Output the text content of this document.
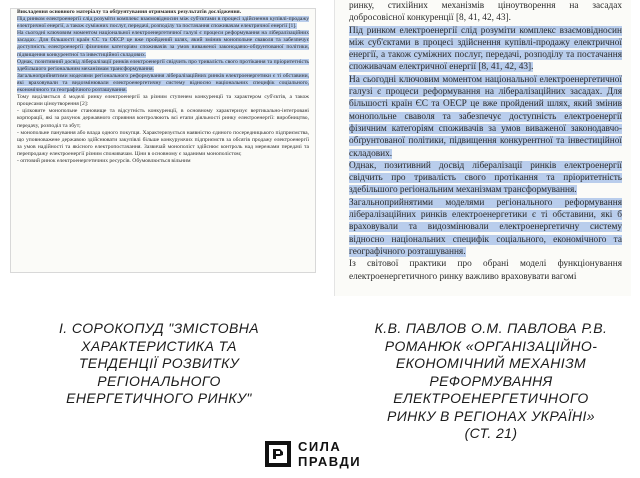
Викладення основного матеріалу та обґрунтування отриманих результатів дослідження.

Під ринком електроенергії слід розуміти комплекс взаємовідносин між суб'єктами в процесі здійснення купівлі-продажу електричної енергії, а також суміжних послуг, передачі, розподілу та постачання споживачам електричної енергії [1].

На сьогодні ключовим моментом національної електроенергетичної галузі є процеси реформування на лібералізаційних засадах. Для більшості країн ЄС та ОЕСР це вже пройдений шлях, який змінив монопольне сваволя та забезпечує доступність електроенергії фізичним категоріям споживачів за умов виваженої законодавчо-обґрунтованої політики, підвищення конкурентної та інвестиційної складових.

Однак, позитивний досвід лібералізації ринків електроенергії свідчить про тривалість свого протікання та пріоритетність здебільшого регіональним механізмам трансформування.

Загальноприйнятими моделями регіонального реформування лібералізаційних ринків електроенергетики є ті обставини, які враховували та видозмінювали електроенергетичну систему відносно національних специфік соціального, економічного та географічного розташування.

Тому виділяється 4 моделі ринку електроенергії за різним ступенем конкуренції та характером суб'єктів, а також процесами ціноутворення [2]:

- цілковите монопольне становище та відсутність конкуренції, в основному характеризує вертикально-інтегровані корпорації, які за рахунок державного сприяння контролюють всі етапи діяльності ринку електроенергії: виробництво, передачу, розподіл та збут;

- монопольне панування або влада одного покупця. Характеризується наявністю єдиного посередницького підприємства, що уповноважене державою здійснювати закупівлі більше конкуруючих підприємств за обсягів продажу електроенергії за умов надійності та якісного електропостачання. Зазвичай монополіст здійснює контроль над мережами передачі та перепродажу електроенергії різним споживачам. Ціни в основному є заданими монополістом;

- оптовий ринок електроенергетичних ресурсів. Обумовлюється вільним

ринку, стихійних механізмів ціноутворення на засадах добросовісної конкуренції [8, 41, 42, 43].

Під ринком електроенергії слід розуміти комплекс взаємовідносин між суб'єктами в процесі здійснення купівлі-продажу електричної енергії, а також суміжних послуг, передачі, розподілу та постачання споживачам електричної енергії [8, 41, 42, 43].

На сьогодні ключовим моментом національної електроенергетичної галузі є процеси реформування на лібералізаційних засадах. Для більшості країн ЄС та ОЕСР це вже пройдений шлях, який змінив монопольне сваволя та забезпечує доступність електроенергії фізичним категоріям споживачів за умов виваженої законодавчо-обґрунтованої політики, підвищення конкурентної та інвестиційної складових.

Однак, позитивний досвід лібералізації ринків електроенергії свідчить про тривалість свого протікання та пріоритетність здебільшого регіональним механізмам трансформування.

Загальноприйнятими моделями регіонального реформування лібералізаційних ринків електроенергетики є ті обставини, які б враховували та видозмінювали електроенергетичну систему відносно національних специфік соціального, економічного та географічного розташування.

Із світової практики про обрані моделі функціонування електроенергетичного ринку важливо враховувати вагомі

І. СОРОКОПУД "ЗМІСТОВНА ХАРАКТЕРИСТИКА ТА ТЕНДЕНЦІЇ РОЗВИТКУ РЕГІОНАЛЬНОГО ЕНЕРГЕТИЧНОГО РИНКУ"
К.В. ПАВЛОВ О.М. ПАВЛОВА Р.В. РОМАНЮК «ОРГАНІЗАЦІЙНО-ЕКОНОМІЧНИЙ МЕХАНІЗМ РЕФОРМУВАННЯ ЕЛЕКТРОЕНЕРГЕТИЧНОГО РИНКУ В РЕГІОНАХ УКРАЇНІ» (СТ. 21)
СИЛА
ПРАВДИ
